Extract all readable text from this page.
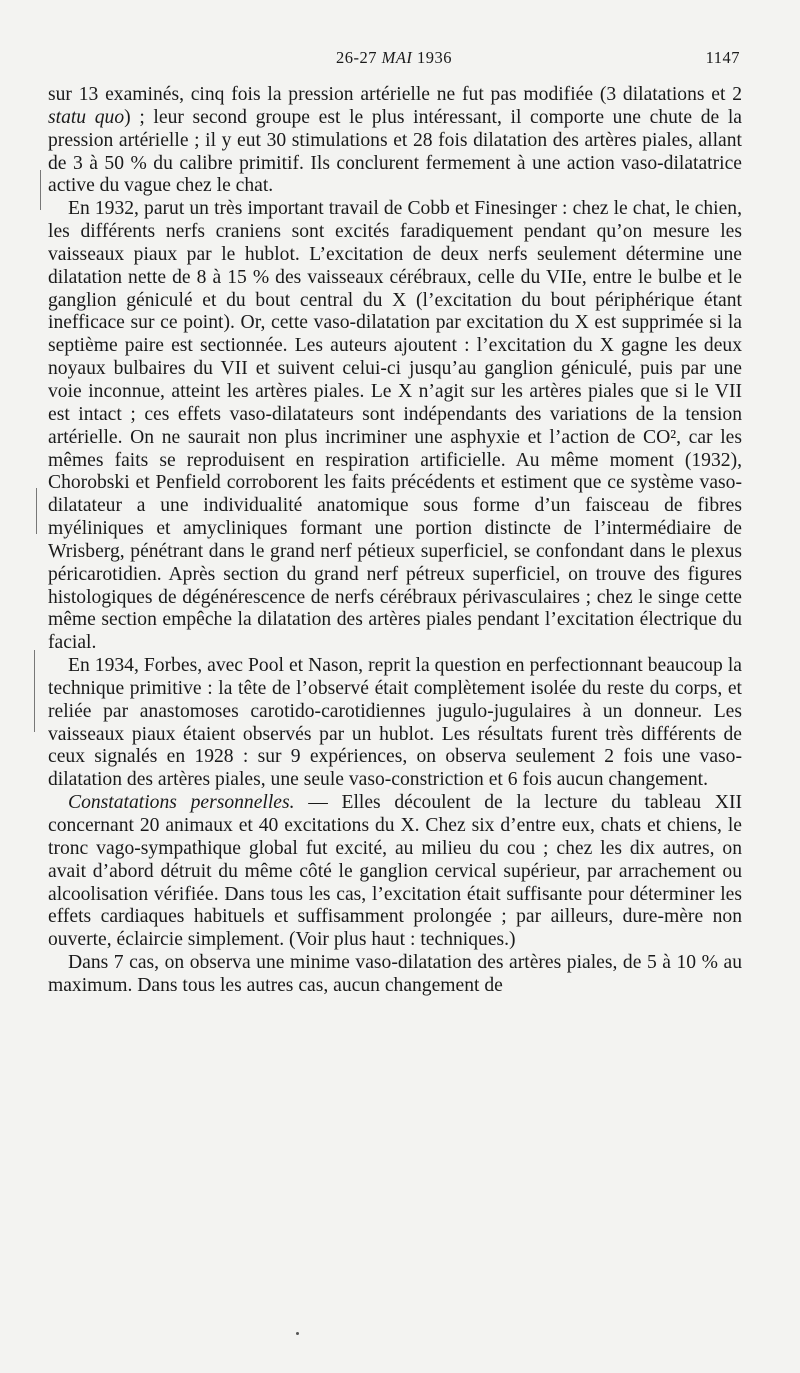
26-27 MAI 1936	1147

sur 13 examinés, cinq fois la pression artérielle ne fut pas modifiée (3 dilatations et 2 statu quo) ; leur second groupe est le plus intéressant, il comporte une chute de la pression artérielle ; il y eut 30 stimulations et 28 fois dilatation des artères piales, allant de 3 à 50 % du calibre primitif. Ils conclurent fermement à une action vaso-dilatatrice active du vague chez le chat.

En 1932, parut un très important travail de Cobb et Finesinger : chez le chat, le chien, les différents nerfs craniens sont excités faradiquement pendant qu’on mesure les vaisseaux piaux par le hublot. L’excitation de deux nerfs seulement détermine une dilatation nette de 8 à 15 % des vaisseaux cérébraux, celle du VIIe, entre le bulbe et le ganglion géniculé et du bout central du X (l’excitation du bout périphérique étant inefficace sur ce point). Or, cette vaso-dilatation par excitation du X est supprimée si la septième paire est sectionnée. Les auteurs ajoutent : l’excitation du X gagne les deux noyaux bulbaires du VII et suivent celui-ci jusqu’au ganglion géniculé, puis par une voie inconnue, atteint les artères piales. Le X n’agit sur les artères piales que si le VII est intact ; ces effets vaso-dilatateurs sont indépendants des variations de la tension artérielle. On ne saurait non plus incriminer une asphyxie et l’action de CO², car les mêmes faits se reproduisent en respiration artificielle. Au même moment (1932), Chorobski et Penfield corroborent les faits précédents et estiment que ce système vaso-dilatateur a une individualité anatomique sous forme d’un faisceau de fibres myéliniques et amycliniques formant une portion distincte de l’intermédiaire de Wrisberg, pénétrant dans le grand nerf pétieux superficiel, se confondant dans le plexus péricarotidien. Après section du grand nerf pétreux superficiel, on trouve des figures histologiques de dégénérescence de nerfs cérébraux périvasculaires ; chez le singe cette même section empêche la dilatation des artères piales pendant l’excitation électrique du facial.

En 1934, Forbes, avec Pool et Nason, reprit la question en perfectionnant beaucoup la technique primitive : la tête de l’observé était complètement isolée du reste du corps, et reliée par anastomoses carotido-carotidiennes jugulo-jugulaires à un donneur. Les vaisseaux piaux étaient observés par un hublot. Les résultats furent très différents de ceux signalés en 1928 : sur 9 expériences, on observa seulement 2 fois une vaso-dilatation des artères piales, une seule vaso-constriction et 6 fois aucun changement.

Constatations personnelles. — Elles découlent de la lecture du tableau XII concernant 20 animaux et 40 excitations du X. Chez six d’entre eux, chats et chiens, le tronc vago-sympathique global fut excité, au milieu du cou ; chez les dix autres, on avait d’abord détruit du même côté le ganglion cervical supérieur, par arrachement ou alcoolisation vérifiée. Dans tous les cas, l’excitation était suffisante pour déterminer les effets cardiaques habituels et suffisamment prolongée ; par ailleurs, dure-mère non ouverte, éclaircie simplement. (Voir plus haut : techniques.)

Dans 7 cas, on observa une minime vaso-dilatation des artères piales, de 5 à 10 % au maximum. Dans tous les autres cas, aucun changement de
